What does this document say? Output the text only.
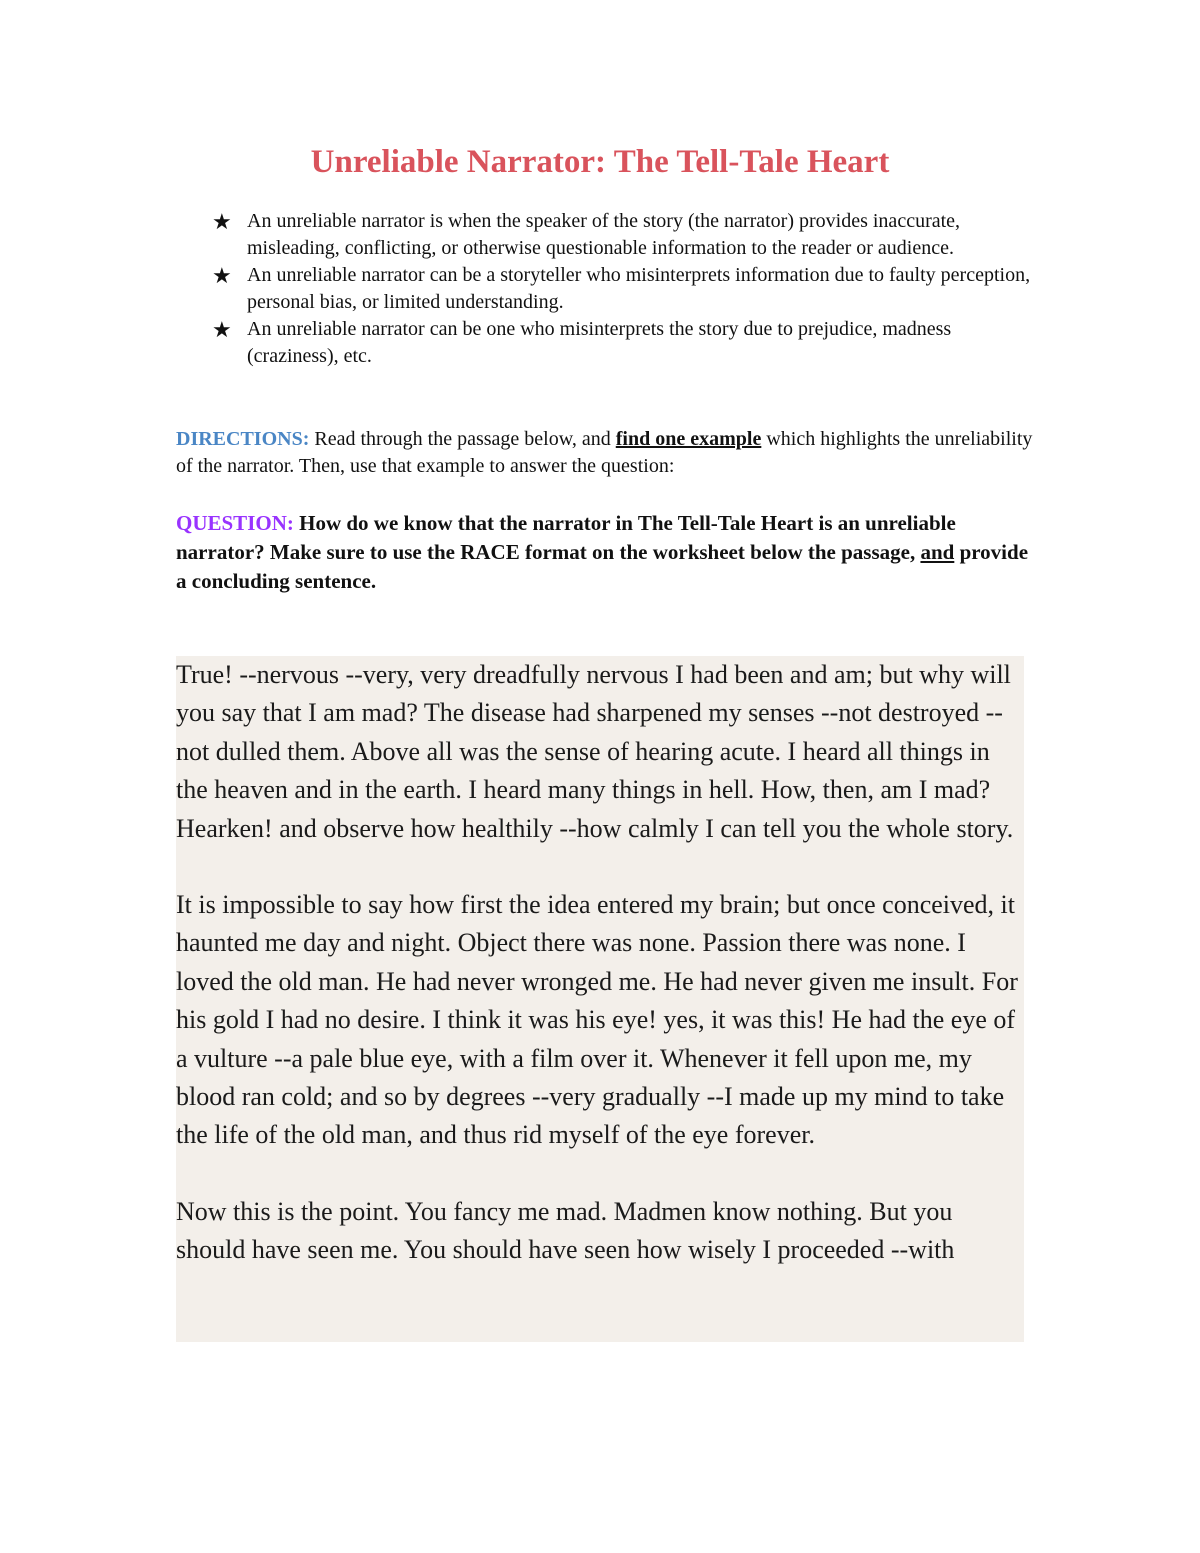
Unreliable Narrator: The Tell-Tale Heart
★ An unreliable narrator is when the speaker of the story (the narrator) provides inaccurate, misleading, conflicting, or otherwise questionable information to the reader or audience.
★ An unreliable narrator can be a storyteller who misinterprets information due to faulty perception, personal bias, or limited understanding.
★ An unreliable narrator can be one who misinterprets the story due to prejudice, madness (craziness), etc.

DIRECTIONS: Read through the passage below, and find one example which highlights the unreliability of the narrator. Then, use that example to answer the question:

QUESTION: How do we know that the narrator in The Tell-Tale Heart is an unreliable narrator? Make sure to use the RACE format on the worksheet below the passage, and provide a concluding sentence.

True! --nervous --very, very dreadfully nervous I had been and am; but why will you say that I am mad? The disease had sharpened my senses --not destroyed --not dulled them. Above all was the sense of hearing acute. I heard all things in the heaven and in the earth. I heard many things in hell. How, then, am I mad? Hearken! and observe how healthily --how calmly I can tell you the whole story.

It is impossible to say how first the idea entered my brain; but once conceived, it haunted me day and night. Object there was none. Passion there was none. I loved the old man. He had never wronged me. He had never given me insult. For his gold I had no desire. I think it was his eye! yes, it was this! He had the eye of a vulture --a pale blue eye, with a film over it. Whenever it fell upon me, my blood ran cold; and so by degrees --very gradually --I made up my mind to take the life of the old man, and thus rid myself of the eye forever.

Now this is the point. You fancy me mad. Madmen know nothing. But you should have seen me. You should have seen how wisely I proceeded --with
